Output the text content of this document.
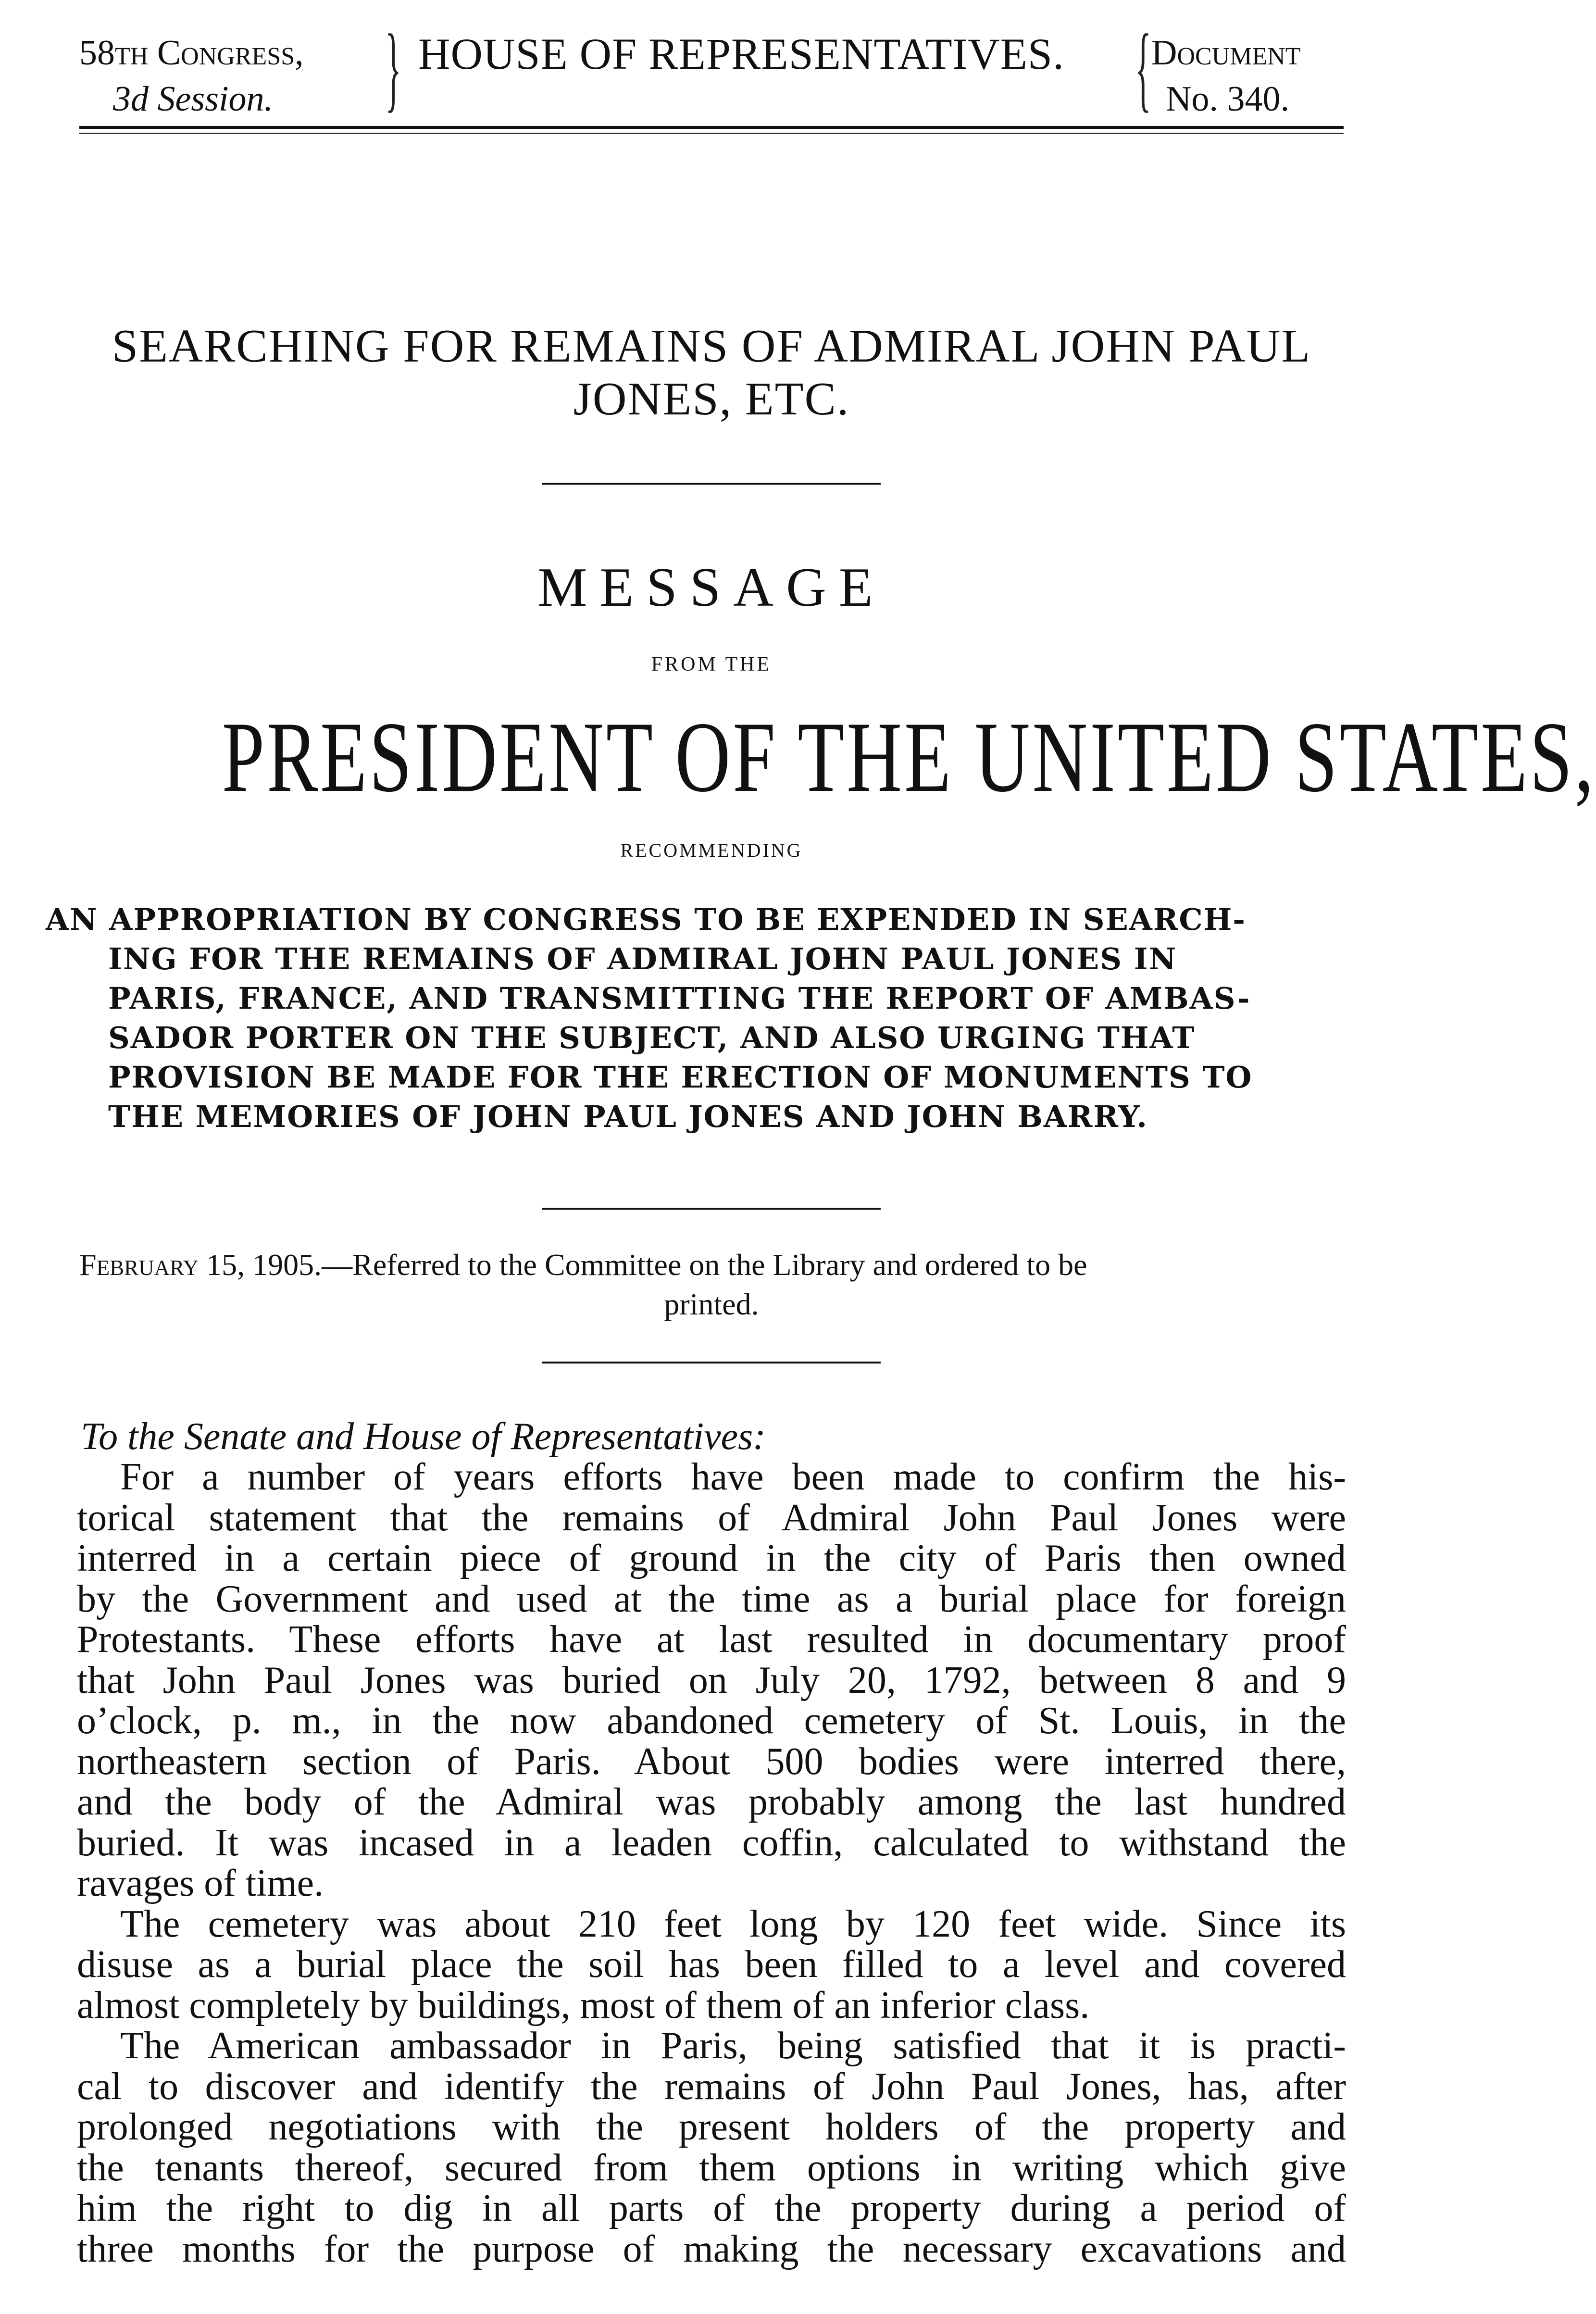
58th Congress,
3d Session.	} HOUSE OF REPRESENTATIVES. { Document
No. 340.
SEARCHING FOR REMAINS OF ADMIRAL JOHN PAUL
JONES, ETC.
MESSAGE
FROM THE
PRESIDENT OF THE UNITED STATES,
RECOMMENDING
AN APPROPRIATION BY CONGRESS TO BE EXPENDED IN SEARCH-
ING FOR THE REMAINS OF ADMIRAL JOHN PAUL JONES IN
PARIS, FRANCE, AND TRANSMITTING THE REPORT OF AMBAS-
SADOR PORTER ON THE SUBJECT, AND ALSO URGING THAT
PROVISION BE MADE FOR THE ERECTION OF MONUMENTS TO
THE MEMORIES OF JOHN PAUL JONES AND JOHN BARRY.
February 15, 1905.—Referred to the Committee on the Library and ordered to be
printed.
To the Senate and House of Representatives:
For a number of years efforts have been made to confirm the his-
torical statement that the remains of Admiral John Paul Jones were
interred in a certain piece of ground in the city of Paris then owned
by the Government and used at the time as a burial place for foreign
Protestants. These efforts have at last resulted in documentary proof
that John Paul Jones was buried on July 20, 1792, between 8 and 9
o’clock, p. m., in the now abandoned cemetery of St. Louis, in the
northeastern section of Paris. About 500 bodies were interred there,
and the body of the Admiral was probably among the last hundred
buried. It was incased in a leaden coffin, calculated to withstand the
ravages of time.
The cemetery was about 210 feet long by 120 feet wide. Since its
disuse as a burial place the soil has been filled to a level and covered
almost completely by buildings, most of them of an inferior class.
The American ambassador in Paris, being satisfied that it is practi-
cal to discover and identify the remains of John Paul Jones, has, after
prolonged negotiations with the present holders of the property and
the tenants thereof, secured from them options in writing which give
him the right to dig in all parts of the property during a period of
three months for the purpose of making the necessary excavations and
